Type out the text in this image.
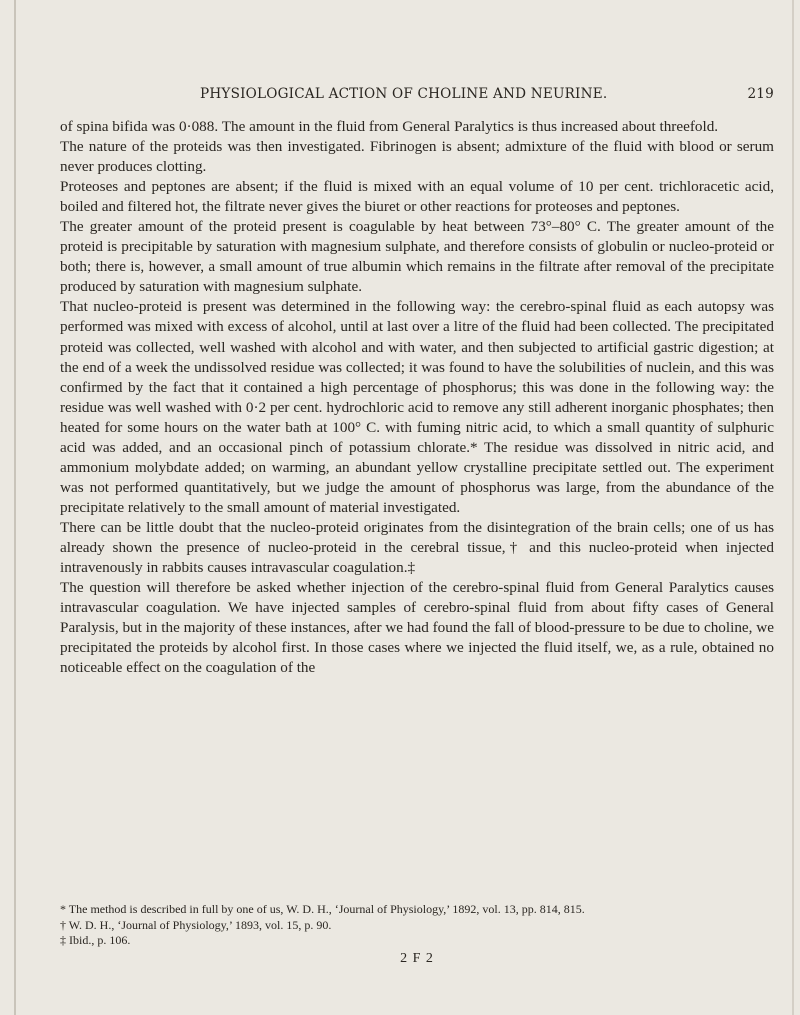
PHYSIOLOGICAL ACTION OF CHOLINE AND NEURINE.	219

of spina bifida was 0·088. The amount in the fluid from General Paralytics is thus increased about threefold.

The nature of the proteids was then investigated. Fibrinogen is absent; admixture of the fluid with blood or serum never produces clotting.

Proteoses and peptones are absent; if the fluid is mixed with an equal volume of 10 per cent. trichloracetic acid, boiled and filtered hot, the filtrate never gives the biuret or other reactions for proteoses and peptones.

The greater amount of the proteid present is coagulable by heat between 73°–80° C. The greater amount of the proteid is precipitable by saturation with magnesium sulphate, and therefore consists of globulin or nucleo-proteid or both; there is, however, a small amount of true albumin which remains in the filtrate after removal of the precipitate produced by saturation with magnesium sulphate.

That nucleo-proteid is present was determined in the following way: the cerebro-spinal fluid as each autopsy was performed was mixed with excess of alcohol, until at last over a litre of the fluid had been collected. The precipitated proteid was collected, well washed with alcohol and with water, and then subjected to artificial gastric digestion; at the end of a week the undissolved residue was collected; it was found to have the solubilities of nuclein, and this was confirmed by the fact that it contained a high percentage of phosphorus; this was done in the following way: the residue was well washed with 0·2 per cent. hydrochloric acid to remove any still adherent inorganic phosphates; then heated for some hours on the water bath at 100° C. with fuming nitric acid, to which a small quantity of sulphuric acid was added, and an occasional pinch of potassium chlorate.* The residue was dissolved in nitric acid, and ammonium molybdate added; on warming, an abundant yellow crystalline precipitate settled out. The experiment was not performed quantitatively, but we judge the amount of phosphorus was large, from the abundance of the precipitate relatively to the small amount of material investigated.

There can be little doubt that the nucleo-proteid originates from the disintegration of the brain cells; one of us has already shown the presence of nucleo-proteid in the cerebral tissue,† and this nucleo-proteid when injected intravenously in rabbits causes intravascular coagulation.‡

The question will therefore be asked whether injection of the cerebro-spinal fluid from General Paralytics causes intravascular coagulation. We have injected samples of cerebro-spinal fluid from about fifty cases of General Paralysis, but in the majority of these instances, after we had found the fall of blood-pressure to be due to choline, we precipitated the proteids by alcohol first. In those cases where we injected the fluid itself, we, as a rule, obtained no noticeable effect on the coagulation of the

* The method is described in full by one of us, W. D. H., ‘Journal of Physiology,’ 1892, vol. 13, pp. 814, 815.

† W. D. H., ‘Journal of Physiology,’ 1893, vol. 15, p. 90.

‡ Ibid., p. 106.

2 F 2
